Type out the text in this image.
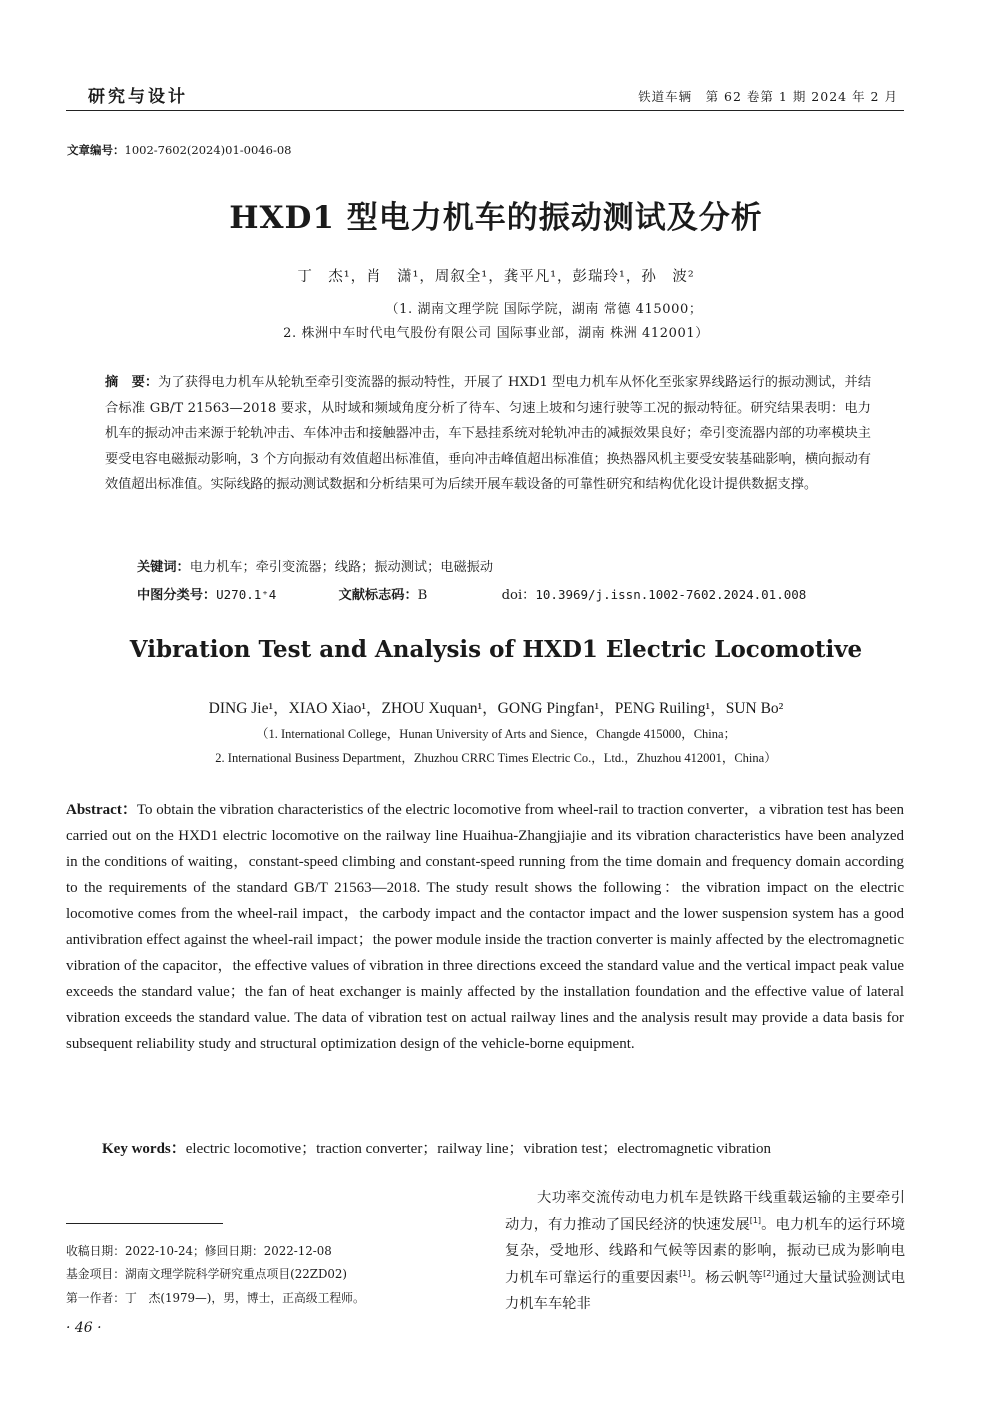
研究与设计	铁道车辆　第 62 卷第 1 期 2024 年 2 月
文章编号：1002-7602(2024)01-0046-08
HXD1 型电力机车的振动测试及分析
丁　杰¹，肖　潇¹，周叙全¹，龚平凡¹，彭瑞玲¹，孙　波²
（1. 湖南文理学院 国际学院，湖南 常德 415000；
2. 株洲中车时代电气股份有限公司 国际事业部，湖南 株洲 412001）
摘　要：为了获得电力机车从轮轨至牵引变流器的振动特性，开展了 HXD1 型电力机车从怀化至张家界线路运行的振动测试，并结合标准 GB/T 21563—2018 要求，从时域和频域角度分析了待车、匀速上坡和匀速行驶等工况的振动特征。研究结果表明：电力机车的振动冲击来源于轮轨冲击、车体冲击和接触器冲击，车下悬挂系统对轮轨冲击的减振效果良好；牵引变流器内部的功率模块主要受电容电磁振动影响，3 个方向振动有效值超出标准值，垂向冲击峰值超出标准值；换热器风机主要受安装基础影响，横向振动有效值超出标准值。实际线路的振动测试数据和分析结果可为后续开展车载设备的可靠性研究和结构优化设计提供数据支撑。
关键词：电力机车；牵引变流器；线路；振动测试；电磁振动
中图分类号：U270.1⁺4	文献标志码：B	doi：10.3969/j.issn.1002-7602.2024.01.008
Vibration Test and Analysis of HXD1 Electric Locomotive
DING Jie¹，XIAO Xiao¹，ZHOU Xuquan¹，GONG Pingfan¹，PENG Ruiling¹，SUN Bo²
（1. International College，Hunan University of Arts and Sience，Changde 415000，China；
2. International Business Department，Zhuzhou CRRC Times Electric Co.，Ltd.，Zhuzhou 412001，China）
Abstract：To obtain the vibration characteristics of the electric locomotive from wheel-rail to traction converter，a vibration test has been carried out on the HXD1 electric locomotive on the railway line Huaihua-Zhangjiajie and its vibration characteristics have been analyzed in the conditions of waiting，constant-speed climbing and constant-speed running from the time domain and frequency domain according to the requirements of the standard GB/T 21563—2018. The study result shows the following：the vibration impact on the electric locomotive comes from the wheel-rail impact，the carbody impact and the contactor impact and the lower suspension system has a good antivibration effect against the wheel-rail impact；the power module inside the traction converter is mainly affected by the electromagnetic vibration of the capacitor，the effective values of vibration in three directions exceed the standard value and the vertical impact peak value exceeds the standard value；the fan of heat exchanger is mainly affected by the installation foundation and the effective value of lateral vibration exceeds the standard value. The data of vibration test on actual railway lines and the analysis result may provide a data basis for subsequent reliability study and structural optimization design of the vehicle-borne equipment.
Key words：electric locomotive；traction converter；railway line；vibration test；electromagnetic vibration
大功率交流传动电力机车是铁路干线重载运输的主要牵引动力，有力推动了国民经济的快速发展[1]。电力机车的运行环境复杂，受地形、线路和气候等因素的影响，振动已成为影响电力机车可靠运行的重要因素[1]。杨云帆等[2]通过大量试验测试电力机车车轮非
收稿日期：2022-10-24；修回日期：2022-12-08
基金项目：湖南文理学院科学研究重点项目(22ZD02)
第一作者：丁　杰(1979—)，男，博士，正高级工程师。
· 46 ·
